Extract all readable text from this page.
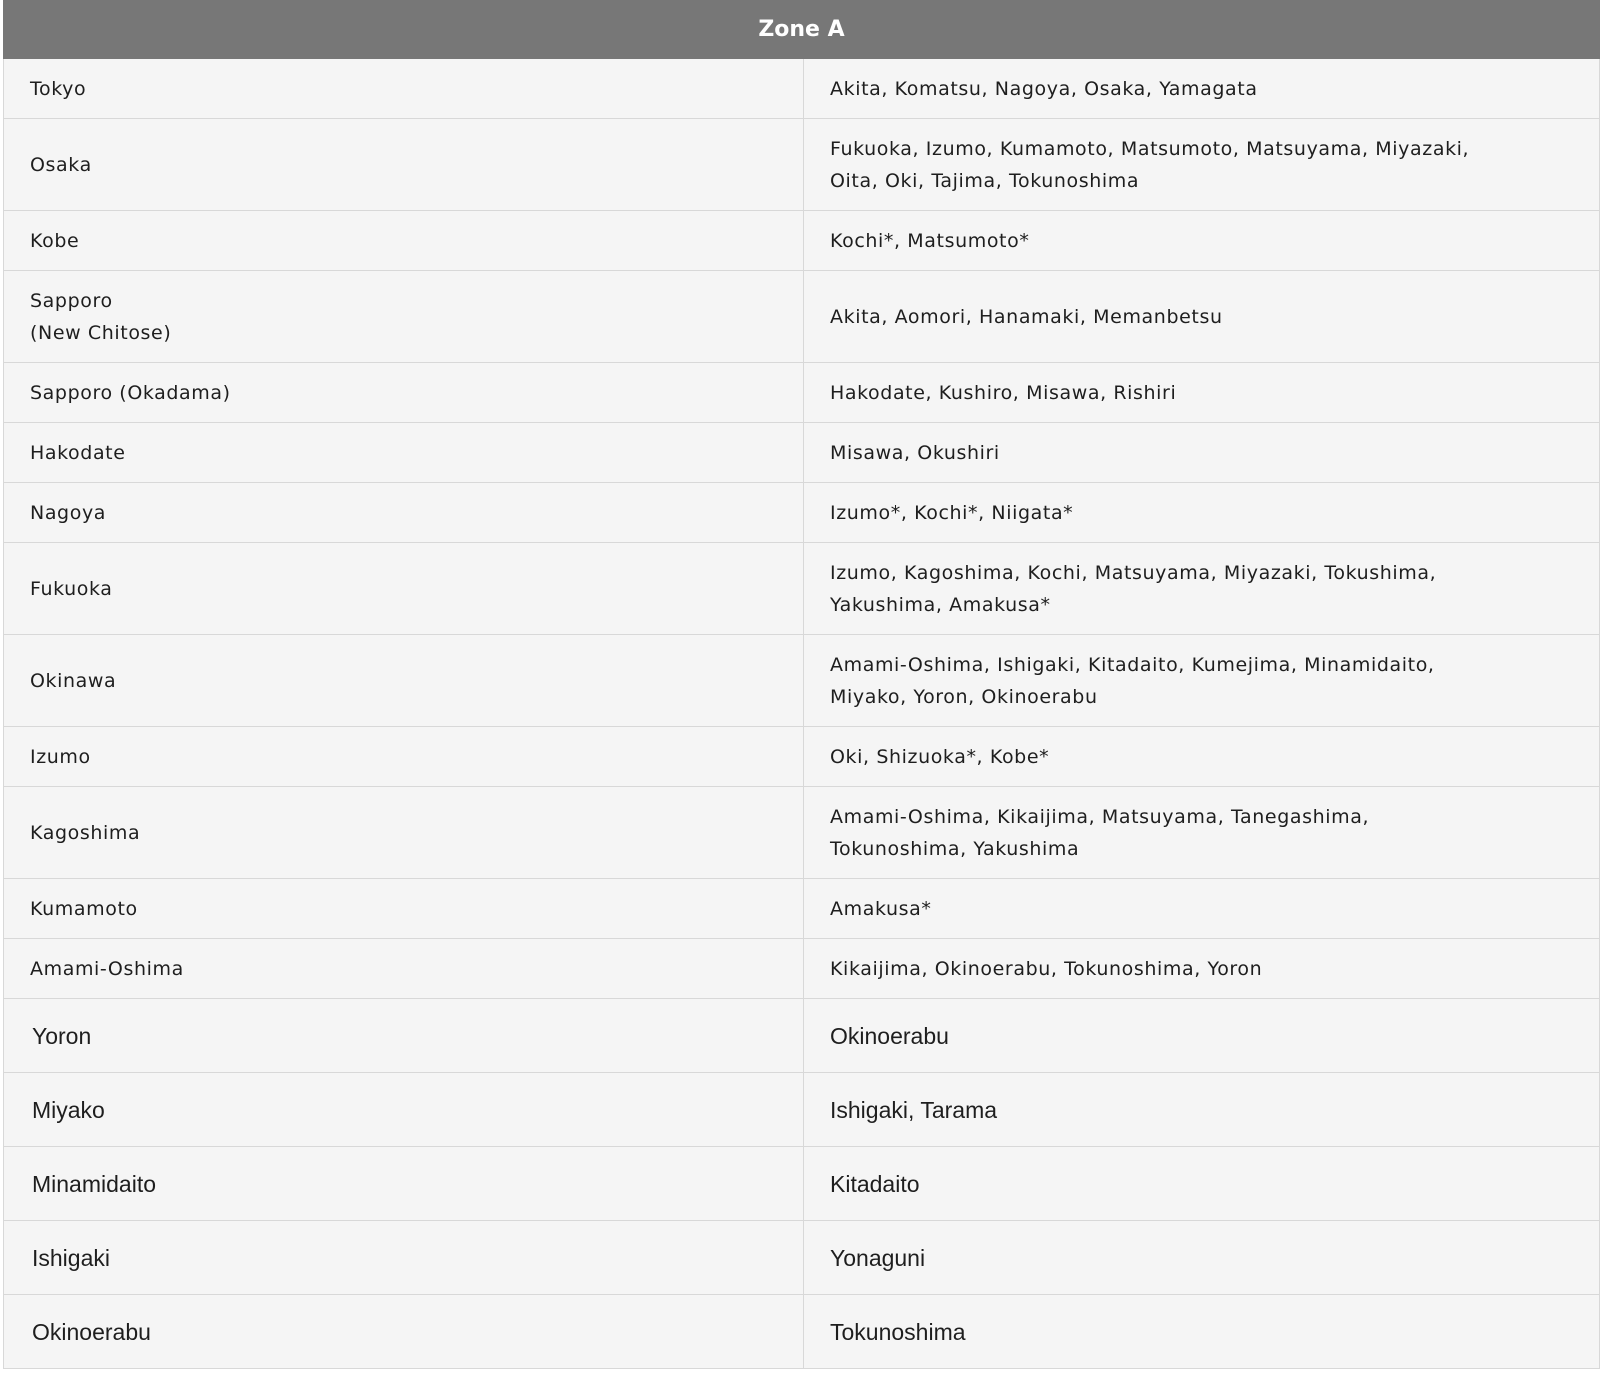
Zone A	

Tokyo	Akita, Komatsu, Nagoya, Osaka, Yamagata

Osaka	Fukuoka, Izumo, Kumamoto, Matsumoto, Matsuyama, Miyazaki,
Oita, Oki, Tajima, Tokunoshima

Kobe	Kochi*, Matsumoto*

Sapporo
(New Chitose)	Akita, Aomori, Hanamaki, Memanbetsu

Sapporo (Okadama)	Hakodate, Kushiro, Misawa, Rishiri

Hakodate	Misawa, Okushiri

Nagoya	Izumo*, Kochi*, Niigata*

Fukuoka	Izumo, Kagoshima, Kochi, Matsuyama, Miyazaki, Tokushima,
Yakushima, Amakusa*

Okinawa	Amami-Oshima, Ishigaki, Kitadaito, Kumejima, Minamidaito,
Miyako, Yoron, Okinoerabu

Izumo	Oki, Shizuoka*, Kobe*

Kagoshima	Amami-Oshima, Kikaijima, Matsuyama, Tanegashima,
Tokunoshima, Yakushima

Kumamoto	Amakusa*

Amami-Oshima	Kikaijima, Okinoerabu, Tokunoshima, Yoron

Yoron	Okinoerabu

Miyako	Ishigaki, Tarama

Minamidaito	Kitadaito

Ishigaki	Yonaguni

Okinoerabu	Tokunoshima
